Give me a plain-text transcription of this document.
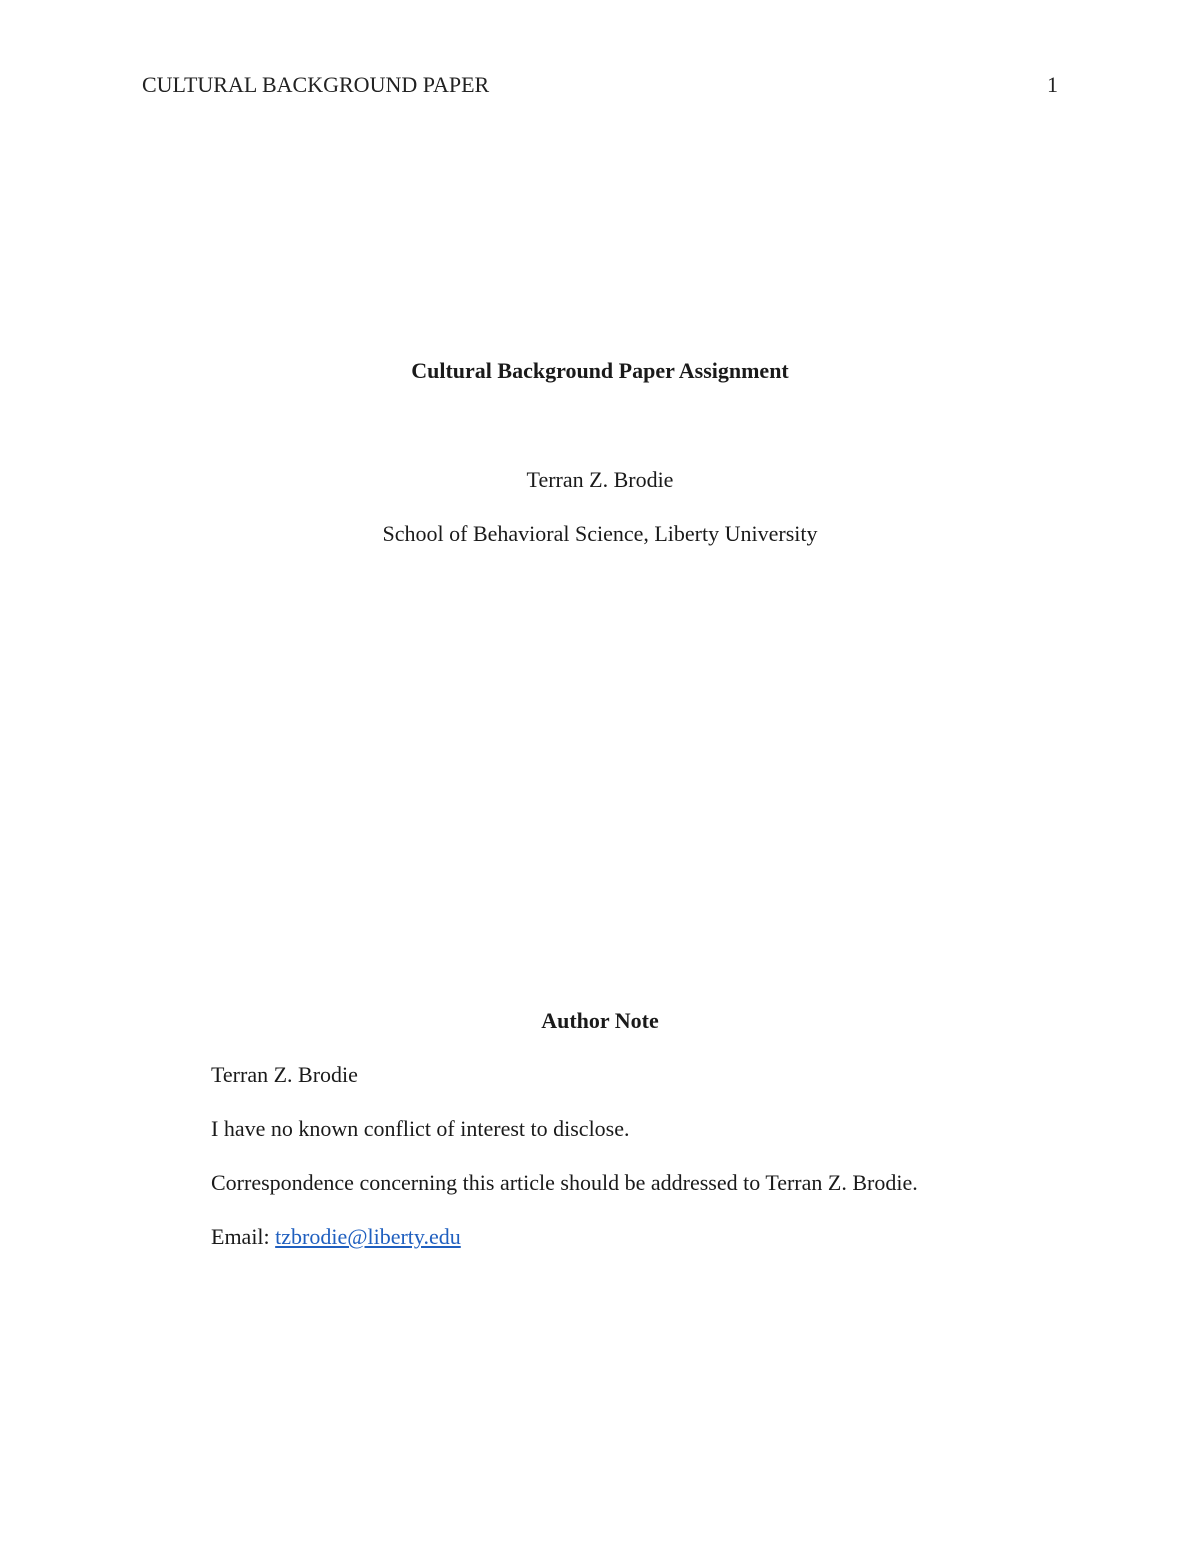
CULTURAL BACKGROUND PAPER	1
Cultural Background Paper Assignment
Terran Z. Brodie
School of Behavioral Science, Liberty University
Author Note
Terran Z. Brodie
I have no known conflict of interest to disclose.
Correspondence concerning this article should be addressed to Terran Z. Brodie.
Email: tzbrodie@liberty.edu
